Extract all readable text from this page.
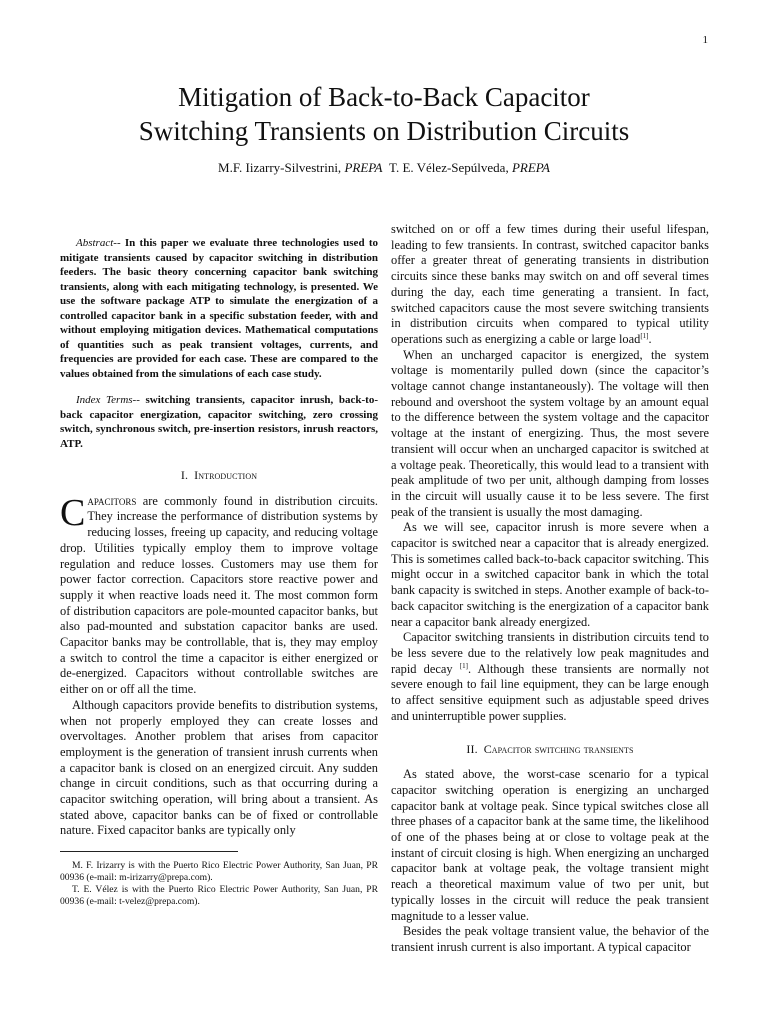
1
Mitigation of Back-to-Back Capacitor
Switching Transients on Distribution Circuits
M.F. Iizarry-Silvestrini, PREPA T. E. Vélez-Sepúlveda, PREPA

Abstract-- In this paper we evaluate three technologies used to mitigate transients caused by capacitor switching in distribution feeders. The basic theory concerning capacitor bank switching transients, along with each mitigating technology, is presented. We use the software package ATP to simulate the energization of a controlled capacitor bank in a specific substation feeder, with and without employing mitigation devices. Mathematical computations of quantities such as peak transient voltages, currents, and frequencies are provided for each case. These are compared to the values obtained from the simulations of each case study.

Index Terms-- switching transients, capacitor inrush, back-to-back capacitor energization, capacitor switching, zero crossing switch, synchronous switch, pre-insertion resistors, inrush reactors, ATP.

I. Introduction

Capacitors are commonly found in distribution circuits. They increase the performance of distribution systems by reducing losses, freeing up capacity, and reducing voltage drop. Utilities typically employ them to improve voltage regulation and reduce losses. Customers may use them for power factor correction. Capacitors store reactive power and supply it when reactive loads need it. The most common form of distribution capacitors are pole-mounted capacitor banks, but also pad-mounted and substation capacitor banks are used. Capacitor banks may be controllable, that is, they may employ a switch to control the time a capacitor is either energized or de-energized. Capacitors without controllable switches are either on or off all the time.

Although capacitors provide benefits to distribution systems, when not properly employed they can create losses and overvoltages. Another problem that arises from capacitor employment is the generation of transient inrush currents when a capacitor bank is closed on an energized circuit. Any sudden change in circuit conditions, such as that occurring during a capacitor switching operation, will bring about a transient. As stated above, capacitor banks can be of fixed or controllable nature. Fixed capacitor banks are typically only

M. F. Irizarry is with the Puerto Rico Electric Power Authority, San Juan, PR 00936 (e-mail: m-irizarry@prepa.com).

T. E. Vélez is with the Puerto Rico Electric Power Authority, San Juan, PR 00936 (e-mail: t-velez@prepa.com).

switched on or off a few times during their useful lifespan, leading to few transients. In contrast, switched capacitor banks offer a greater threat of generating transients in distribution circuits since these banks may switch on and off several times during the day, each time generating a transient. In fact, switched capacitors cause the most severe switching transients in distribution circuits when compared to typical utility operations such as energizing a cable or large load[1].

When an uncharged capacitor is energized, the system voltage is momentarily pulled down (since the capacitor’s voltage cannot change instantaneously). The voltage will then rebound and overshoot the system voltage by an amount equal to the difference between the system voltage and the capacitor voltage at the instant of energizing. Thus, the most severe transient will occur when an uncharged capacitor is switched at a voltage peak. Theoretically, this would lead to a transient with peak amplitude of two per unit, although damping from losses in the circuit will usually cause it to be less severe. The first peak of the transient is usually the most damaging.

As we will see, capacitor inrush is more severe when a capacitor is switched near a capacitor that is already energized. This is sometimes called back-to-back capacitor switching. This might occur in a switched capacitor bank in which the total bank capacity is switched in steps. Another example of back-to-back capacitor switching is the energization of a capacitor bank near a capacitor bank already energized.

Capacitor switching transients in distribution circuits tend to be less severe due to the relatively low peak magnitudes and rapid decay [1]. Although these transients are normally not severe enough to fail line equipment, they can be large enough to affect sensitive equipment such as adjustable speed drives and uninterruptible power supplies.

II. Capacitor switching transients

As stated above, the worst-case scenario for a typical capacitor switching operation is energizing an uncharged capacitor bank at voltage peak. Since typical switches close all three phases of a capacitor bank at the same time, the likelihood of one of the phases being at or close to voltage peak at the instant of circuit closing is high. When energizing an uncharged capacitor bank at voltage peak, the voltage transient might reach a theoretical maximum value of two per unit, but typically losses in the circuit will reduce the peak transient magnitude to a lesser value.

Besides the peak voltage transient value, the behavior of the transient inrush current is also important. A typical capacitor
